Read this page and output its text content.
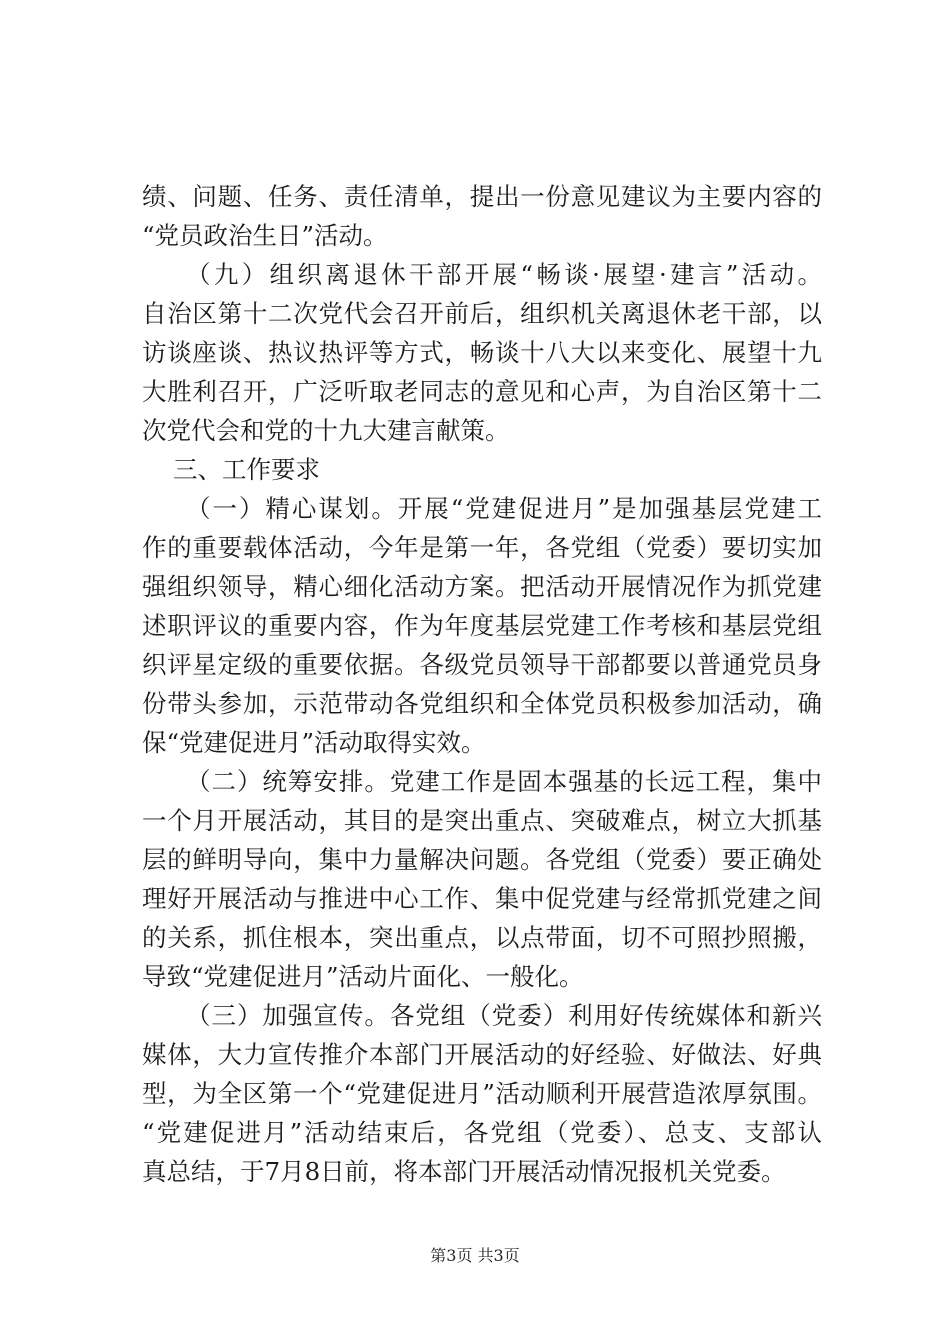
绩、问题、任务、责任清单，提出一份意见建议为主要内容的
“党员政治生日”活动。
（九）组织离退休干部开展“畅谈·展望·建言”活动。
自治区第十二次党代会召开前后，组织机关离退休老干部，以
访谈座谈、热议热评等方式，畅谈十八大以来变化、展望十九
大胜利召开，广泛听取老同志的意见和心声，为自治区第十二
次党代会和党的十九大建言献策。
三、工作要求
（一）精心谋划。开展“党建促进月”是加强基层党建工
作的重要载体活动，今年是第一年，各党组（党委）要切实加
强组织领导，精心细化活动方案。把活动开展情况作为抓党建
述职评议的重要内容，作为年度基层党建工作考核和基层党组
织评星定级的重要依据。各级党员领导干部都要以普通党员身
份带头参加，示范带动各党组织和全体党员积极参加活动，确
保“党建促进月”活动取得实效。
（二）统筹安排。党建工作是固本强基的长远工程，集中
一个月开展活动，其目的是突出重点、突破难点，树立大抓基
层的鲜明导向，集中力量解决问题。各党组（党委）要正确处
理好开展活动与推进中心工作、集中促党建与经常抓党建之间
的关系，抓住根本，突出重点，以点带面，切不可照抄照搬，
导致“党建促进月”活动片面化、一般化。
（三）加强宣传。各党组（党委）利用好传统媒体和新兴
媒体，大力宣传推介本部门开展活动的好经验、好做法、好典
型，为全区第一个“党建促进月”活动顺利开展营造浓厚氛围。
“党建促进月”活动结束后，各党组（党委）、总支、支部认
真总结，于7月8日前，将本部门开展活动情况报机关党委。
第3页 共3页
